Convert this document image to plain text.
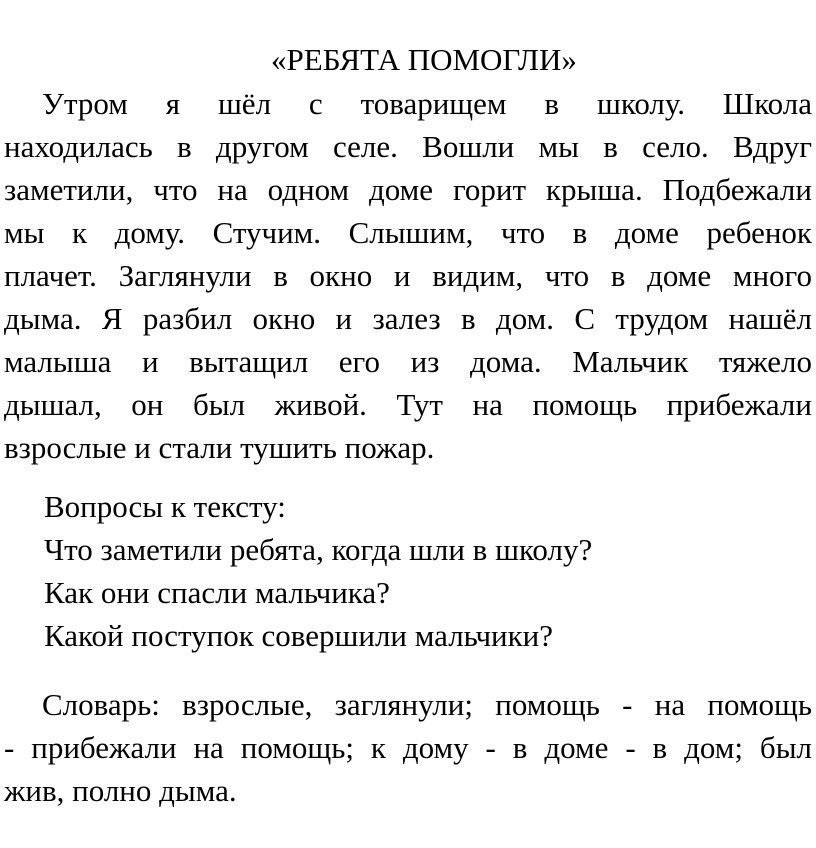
«РЕБЯТА ПОМОГЛИ»
Утром я шёл с товарищем в школу. Школа
находилась в другом селе. Вошли мы в село. Вдруг
заметили, что на одном доме горит крыша. Подбежали
мы к дому. Стучим. Слышим, что в доме ребенок
плачет. Заглянули в окно и видим, что в доме много
дыма. Я разбил окно и залез в дом. С трудом нашёл
малыша и вытащил его из дома. Мальчик тяжело
дышал, он был живой. Тут на помощь прибежали
взрослые и стали тушить пожар.
Вопросы к тексту:
Что заметили ребята, когда шли в школу?
Как они спасли мальчика?
Какой поступок совершили мальчики?
Словарь: взрослые, заглянули; помощь - на помощь
- прибежали на помощь; к дому - в доме - в дом; был
жив, полно дыма.
